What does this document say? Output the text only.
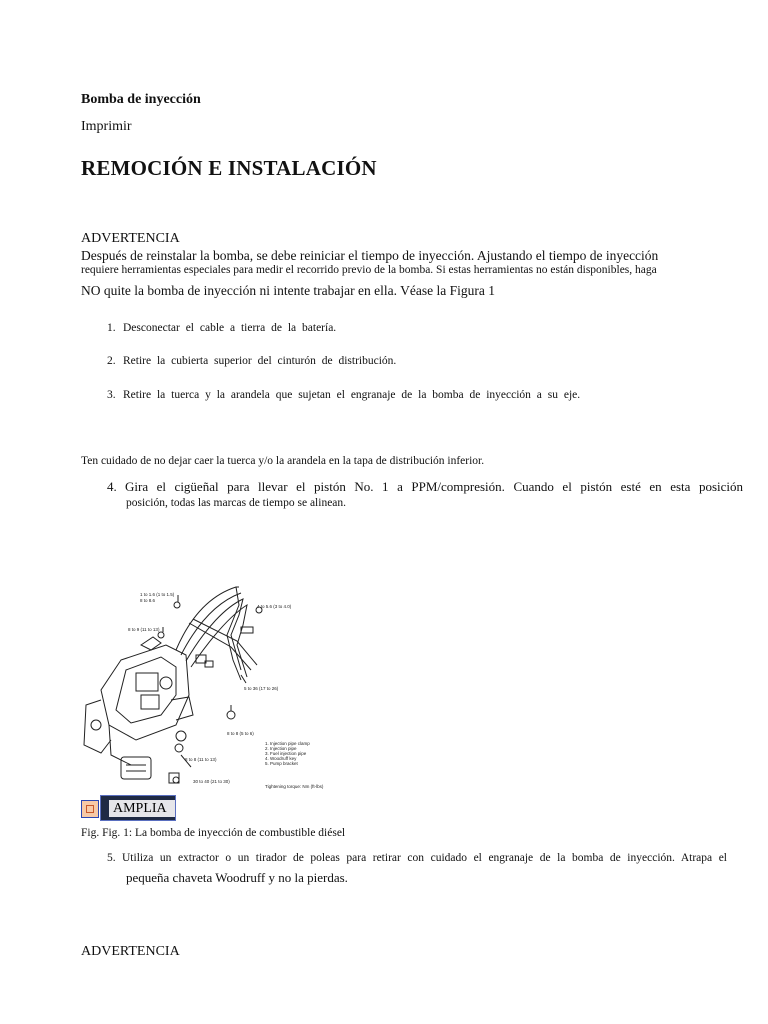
Bomba de inyección
Imprimir
REMOCIÓN E INSTALACIÓN
ADVERTENCIA
Después de reinstalar la bomba, se debe reiniciar el tiempo de inyección. Ajustando el tiempo de inyección
requiere herramientas especiales para medir el recorrido previo de la bomba. Si estas herramientas no están disponibles, haga
NO quite la bomba de inyección ni intente trabajar en ella. Véase la Figura 1
1. Desconectar el cable a tierra de la batería.
2. Retire la cubierta superior del cinturón de distribución.
3. Retire la tuerca y la arandela que sujetan el engranaje de la bomba de inyección a su eje.
Ten cuidado de no dejar caer la tuerca y/o la arandela en la tapa de distribución inferior.
4. Gira el cigüeñal para llevar el pistón No. 1 a PPM/compresión. Cuando el pistón esté en esta posición
posición, todas las marcas de tiempo se alinean.
1 to 1.6 (1 to 1.5)
8 to 8.6
8 to 9 (11 to 13)
4 to 5.6 (3 to 4.0)
5 to 36 (17 to 26)
8 to 8 (5 to 6)
8 to 8 (11 to 13)
30 to 40 (21 to 30)
1. Injection pipe clamp
2. Injection pipe
3. Fuel injection pipe
4. Woodruff key
5. Pump bracket
Tightening torque: Nm (ft-lbs)
AMPLIA
Fig. Fig. 1: La bomba de inyección de combustible diésel
5. Utiliza un extractor o un tirador de poleas para retirar con cuidado el engranaje de la bomba de inyección. Atrapa el
pequeña chaveta Woodruff y no la pierdas.
ADVERTENCIA
